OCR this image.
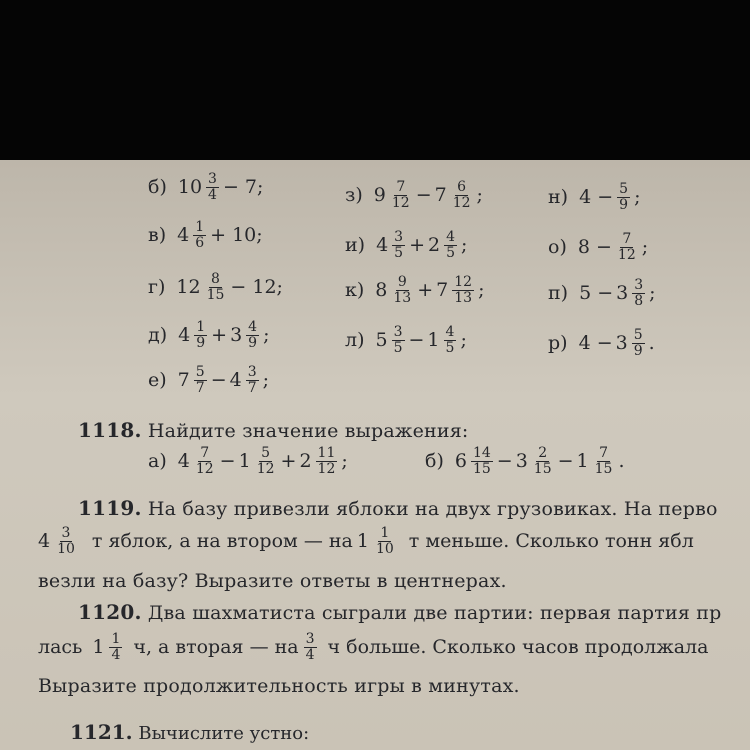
б) $10 \frac{3}{4} - 7$;
в) $4 \frac{1}{6} + 10$;
г) $12 \frac{8}{15} - 12$;
д) $4 \frac{1}{9} + 3 \frac{4}{9}$ ;
е) $7 \frac{5}{7} - 4 \frac{3}{7}$ ;
з) $9 \frac{7}{12} - 7 \frac{6}{12}$ ;
и) $4 \frac{3}{5} + 2 \frac{4}{5}$ ;
к) $8 \frac{9}{13} + 7 \frac{12}{13}$ ;
л) $5 \frac{3}{5} - 1 \frac{4}{5}$ ;
н) $4 - \frac{5}{9}$ ;
о) $8 - \frac{7}{12}$ ;
п) $5 - 3 \frac{3}{8}$ ;
р) $4 - 3 \frac{5}{9}$ .
1118. Найдите значение выражения:
а) $4 \frac{7}{12} - 1 \frac{5}{12} + 2 \frac{11}{12}$ ;	б) $6 \frac{14}{15} - 3 \frac{2}{15} - 1 \frac{7}{15}$ .
1119. На базу привезли яблоки на двух грузовиках. На перво
$4 \frac{3}{10}$ т яблок, а на втором — на $1 \frac{1}{10}$ т меньше. Сколько тонн ябл
везли на базу? Выразите ответы в центнерах.
1120. Два шахматиста сыграли две партии: первая партия пр
лась $1 \frac{1}{4} ч$, а вторая — на $\frac{3}{4}$ ч больше. Сколько часов продолжала
Выразите продолжительность игры в минутах.
1121. Вычислите устно:
